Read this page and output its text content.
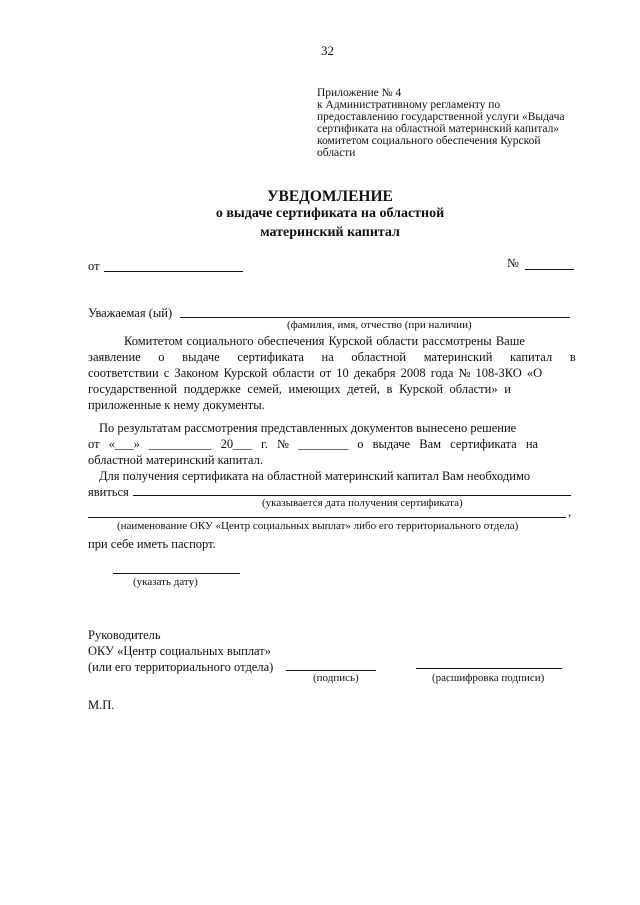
32
Приложение № 4
к Административному регламенту по
предоставлению государственной услуги «Выдача
сертификата на областной материнский капитал»
комитетом социального обеспечения Курской
области
УВЕДОМЛЕНИЕ
о выдаче сертификата на областной
материнский капитал
от	№
Уважаемая (ый)
(фамилия, имя, отчество (при наличии)
Комитетом социального обеспечения Курской области рассмотрены Ваше
заявление о выдаче сертификата на областной материнский капитал в
соответствии с Законом Курской области от 10 декабря 2008 года № 108-ЗКО «О
государственной поддержке семей, имеющих детей, в Курской области» и
приложенные к нему документы.
По результатам рассмотрения представленных документов вынесено решение
от «___» __________ 20___ г. № ________ о выдаче Вам сертификата на
областной материнский капитал.
Для получения сертификата на областной материнский капитал Вам необходимо
явиться
(указывается дата получения сертификата)
,
(наименование ОКУ «Центр социальных выплат» либо его территориального отдела)
при себе иметь паспорт.
(указать дату)
Руководитель
ОКУ «Центр социальных выплат»
(или его территориального отдела)
(подпись)	(расшифровка подписи)
М.П.
